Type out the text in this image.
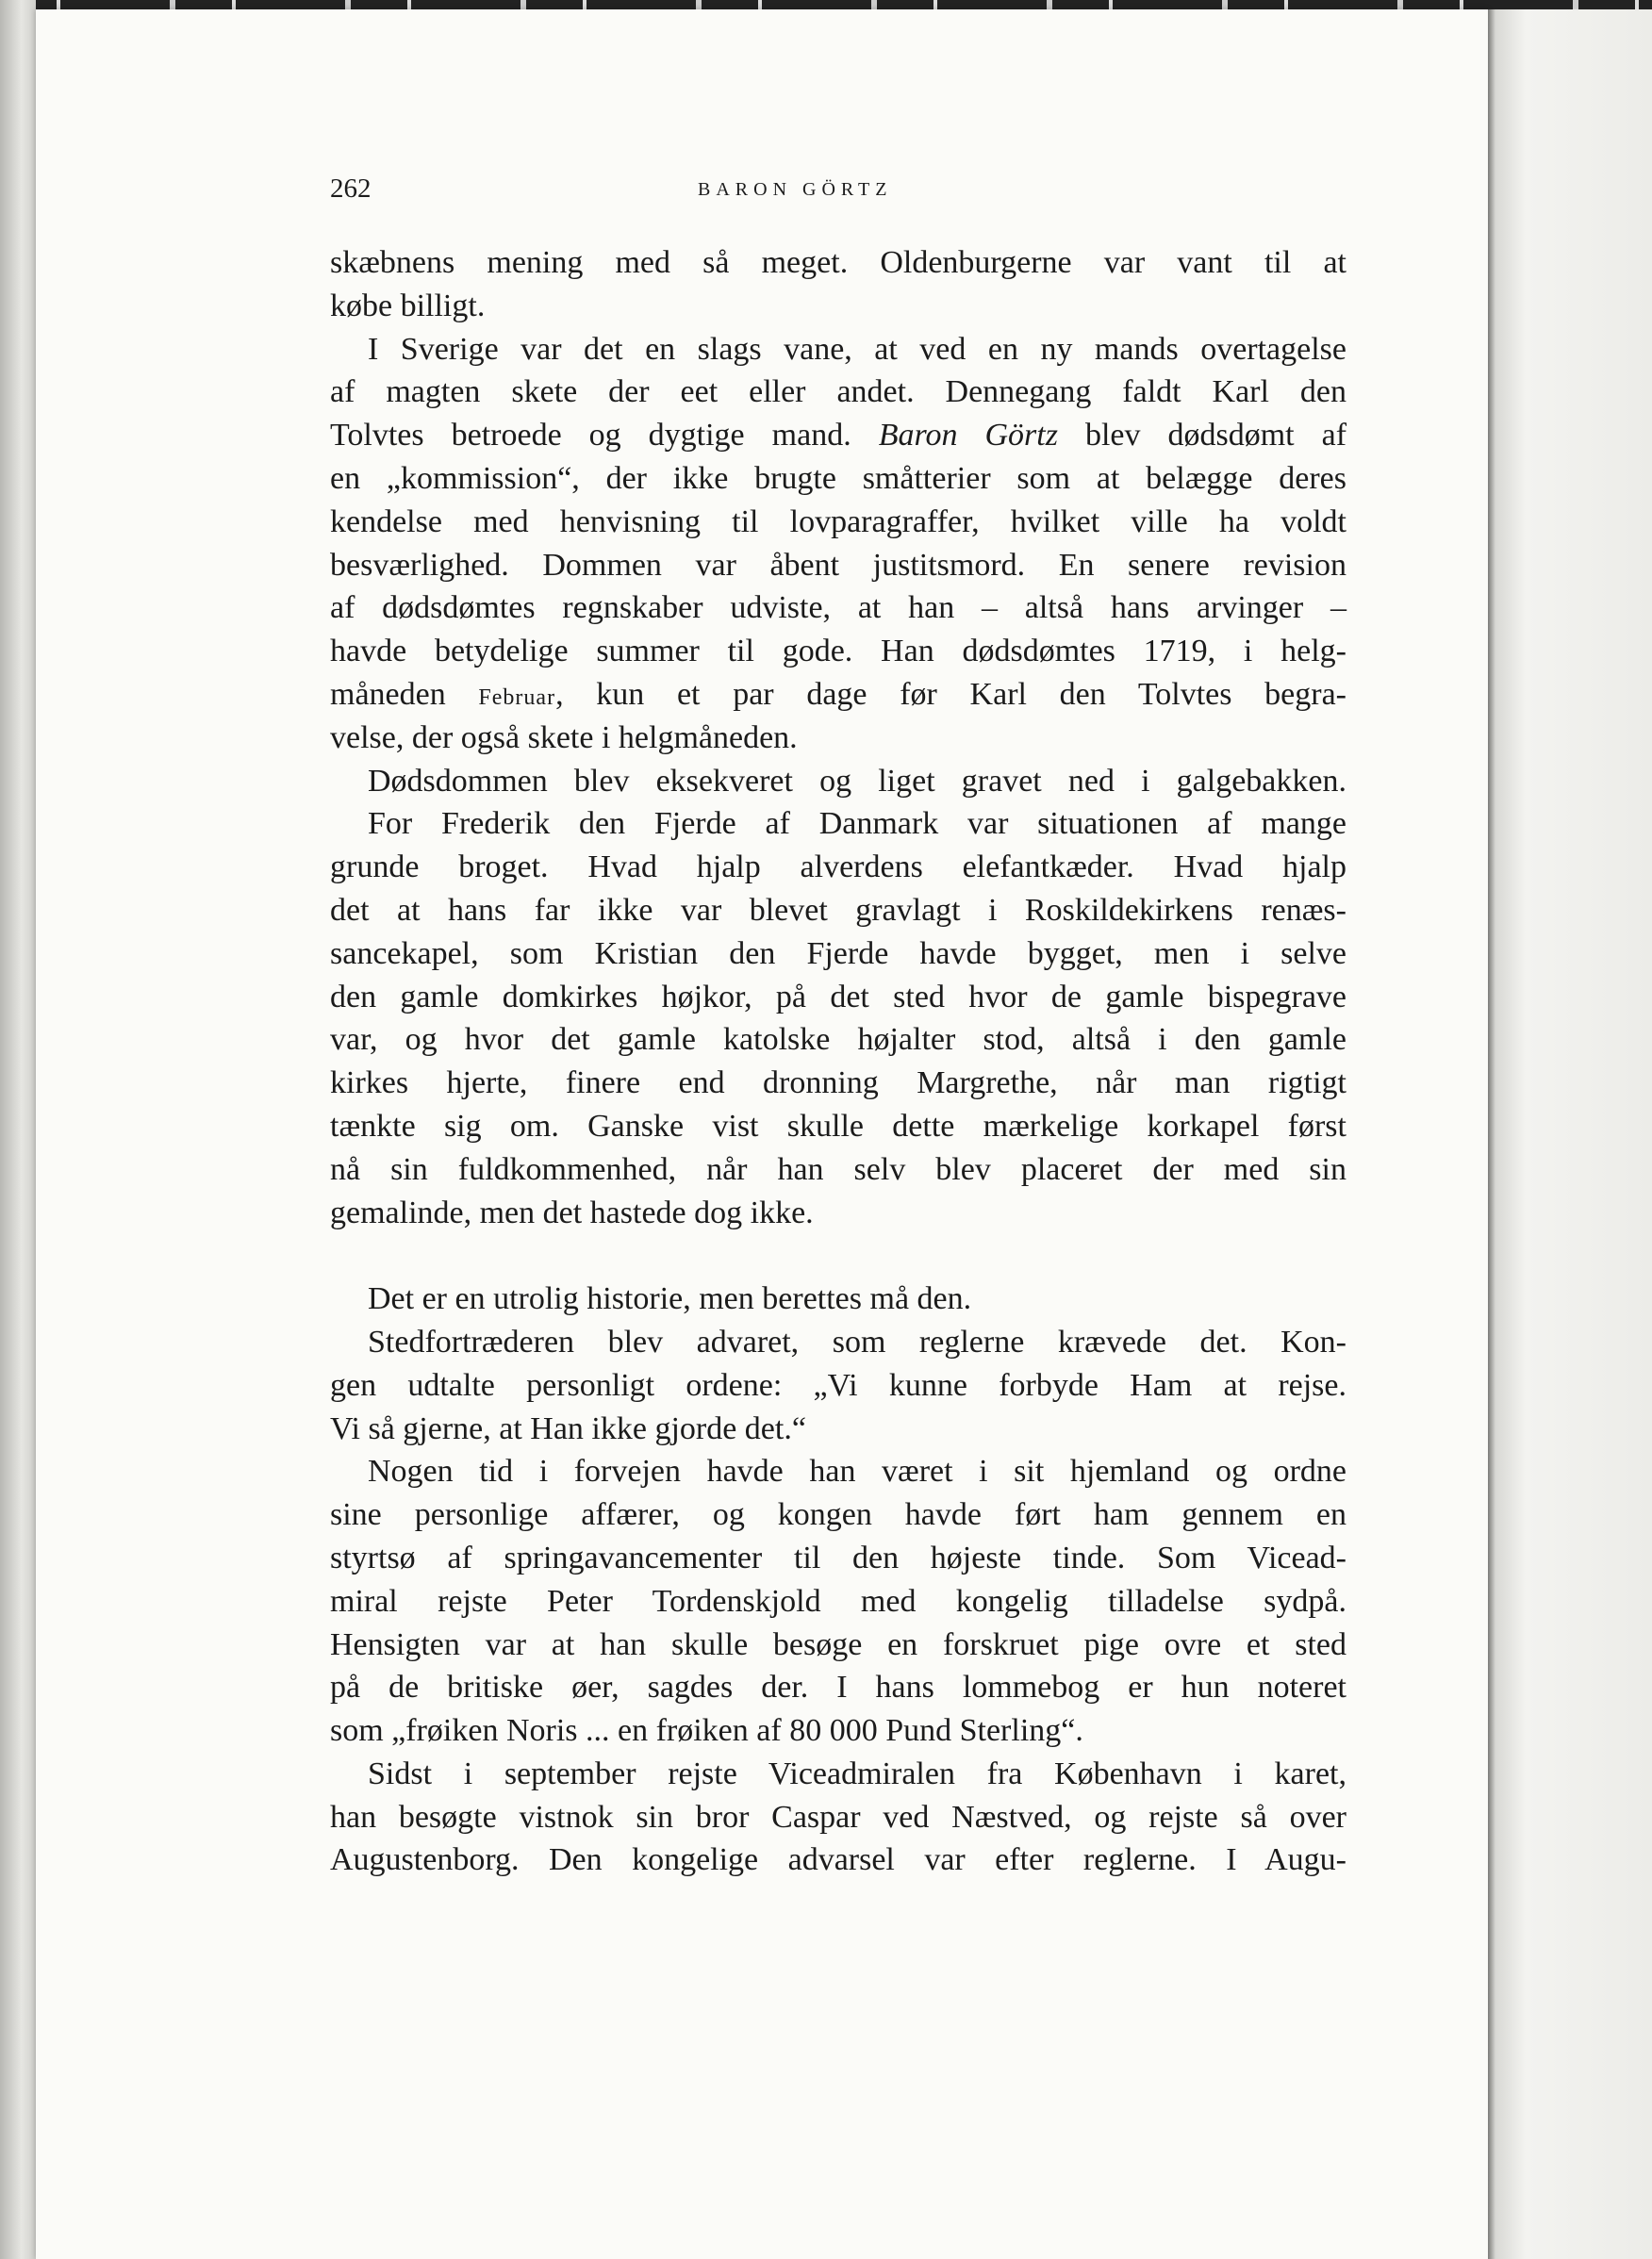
262	BARON GÖRTZ
skæbnens mening med så meget. Oldenburgerne var vant til at
købe billigt.
I Sverige var det en slags vane, at ved en ny mands overtagelse
af magten skete der eet eller andet. Dennegang faldt Karl den
Tolvtes betroede og dygtige mand. Baron Görtz blev dødsdømt af
en „kommission“, der ikke brugte småtterier som at belægge deres
kendelse med henvisning til lovparagraffer, hvilket ville ha voldt
besværlighed. Dommen var åbent justitsmord. En senere revision
af dødsdømtes regnskaber udviste, at han – altså hans arvinger –
havde betydelige summer til gode. Han dødsdømtes 1719, i helg-
måneden Februar, kun et par dage før Karl den Tolvtes begra-
velse, der også skete i helgmåneden.
Dødsdommen blev eksekveret og liget gravet ned i galgebakken.
For Frederik den Fjerde af Danmark var situationen af mange
grunde broget. Hvad hjalp alverdens elefantkæder. Hvad hjalp
det at hans far ikke var blevet gravlagt i Roskildekirkens renæs-
sancekapel, som Kristian den Fjerde havde bygget, men i selve
den gamle domkirkes højkor, på det sted hvor de gamle bispegrave
var, og hvor det gamle katolske højalter stod, altså i den gamle
kirkes hjerte, finere end dronning Margrethe, når man rigtigt
tænkte sig om. Ganske vist skulle dette mærkelige korkapel først
nå sin fuldkommenhed, når han selv blev placeret der med sin
gemalinde, men det hastede dog ikke.
Det er en utrolig historie, men berettes må den.
Stedfortræderen blev advaret, som reglerne krævede det. Kon-
gen udtalte personligt ordene: „Vi kunne forbyde Ham at rejse.
Vi så gjerne, at Han ikke gjorde det.“
Nogen tid i forvejen havde han været i sit hjemland og ordne
sine personlige affærer, og kongen havde ført ham gennem en
styrtsø af springavancementer til den højeste tinde. Som Vicead-
miral rejste Peter Tordenskjold med kongelig tilladelse sydpå.
Hensigten var at han skulle besøge en forskruet pige ovre et sted
på de britiske øer, sagdes der. I hans lommebog er hun noteret
som „frøiken Noris ... en frøiken af 80 000 Pund Sterling“.
Sidst i september rejste Viceadmiralen fra København i karet,
han besøgte vistnok sin bror Caspar ved Næstved, og rejste så over
Augustenborg. Den kongelige advarsel var efter reglerne. I Augu-
